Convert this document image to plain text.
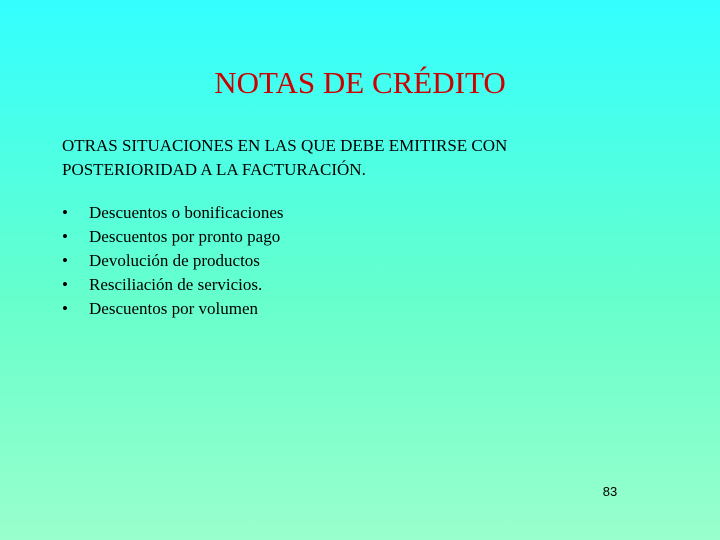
NOTAS DE CRÉDITO
OTRAS SITUACIONES EN LAS QUE DEBE EMITIRSE CON
POSTERIORIDAD A LA FACTURACIÓN.
•	Descuentos o bonificaciones
•	Descuentos por pronto pago
•	Devolución de productos
•	Resciliación de servicios.
•	Descuentos por volumen
83
